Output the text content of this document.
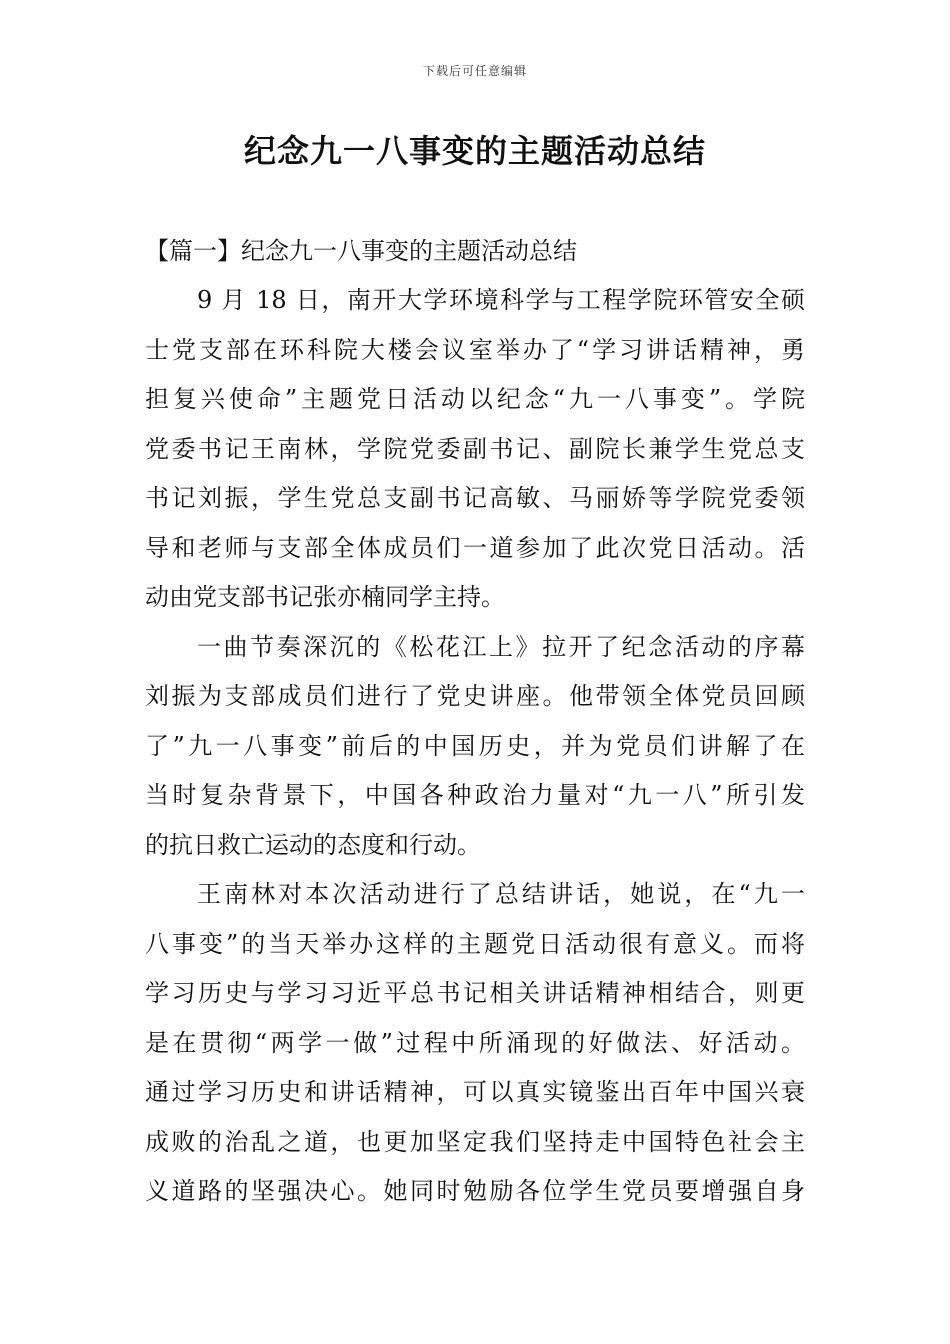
下载后可任意编辑
纪念九一八事变的主题活动总结

【篇一】纪念九一八事变的主题活动总结

9 月 18 日，南开大学环境科学与工程学院环管安全硕

士党支部在环科院大楼会议室举办了“学习讲话精神，勇

担复兴使命”主题党日活动以纪念“九一八事变”。学院

党委书记王南林，学院党委副书记、副院长兼学生党总支

书记刘振，学生党总支副书记高敏、马丽娇等学院党委领

导和老师与支部全体成员们一道参加了此次党日活动。活

动由党支部书记张亦楠同学主持。

一曲节奏深沉的《松花江上》拉开了纪念活动的序幕

刘振为支部成员们进行了党史讲座。他带领全体党员回顾

了”九一八事变”前后的中国历史，并为党员们讲解了在

当时复杂背景下，中国各种政治力量对“九一八”所引发

的抗日救亡运动的态度和行动。

王南林对本次活动进行了总结讲话，她说，在“九一

八事变”的当天举办这样的主题党日活动很有意义。而将

学习历史与学习习近平总书记相关讲话精神相结合，则更

是在贯彻“两学一做”过程中所涌现的好做法、好活动。

通过学习历史和讲话精神，可以真实镜鉴出百年中国兴衰

成败的治乱之道，也更加坚定我们坚持走中国特色社会主

义道路的坚强决心。她同时勉励各位学生党员要增强自身
